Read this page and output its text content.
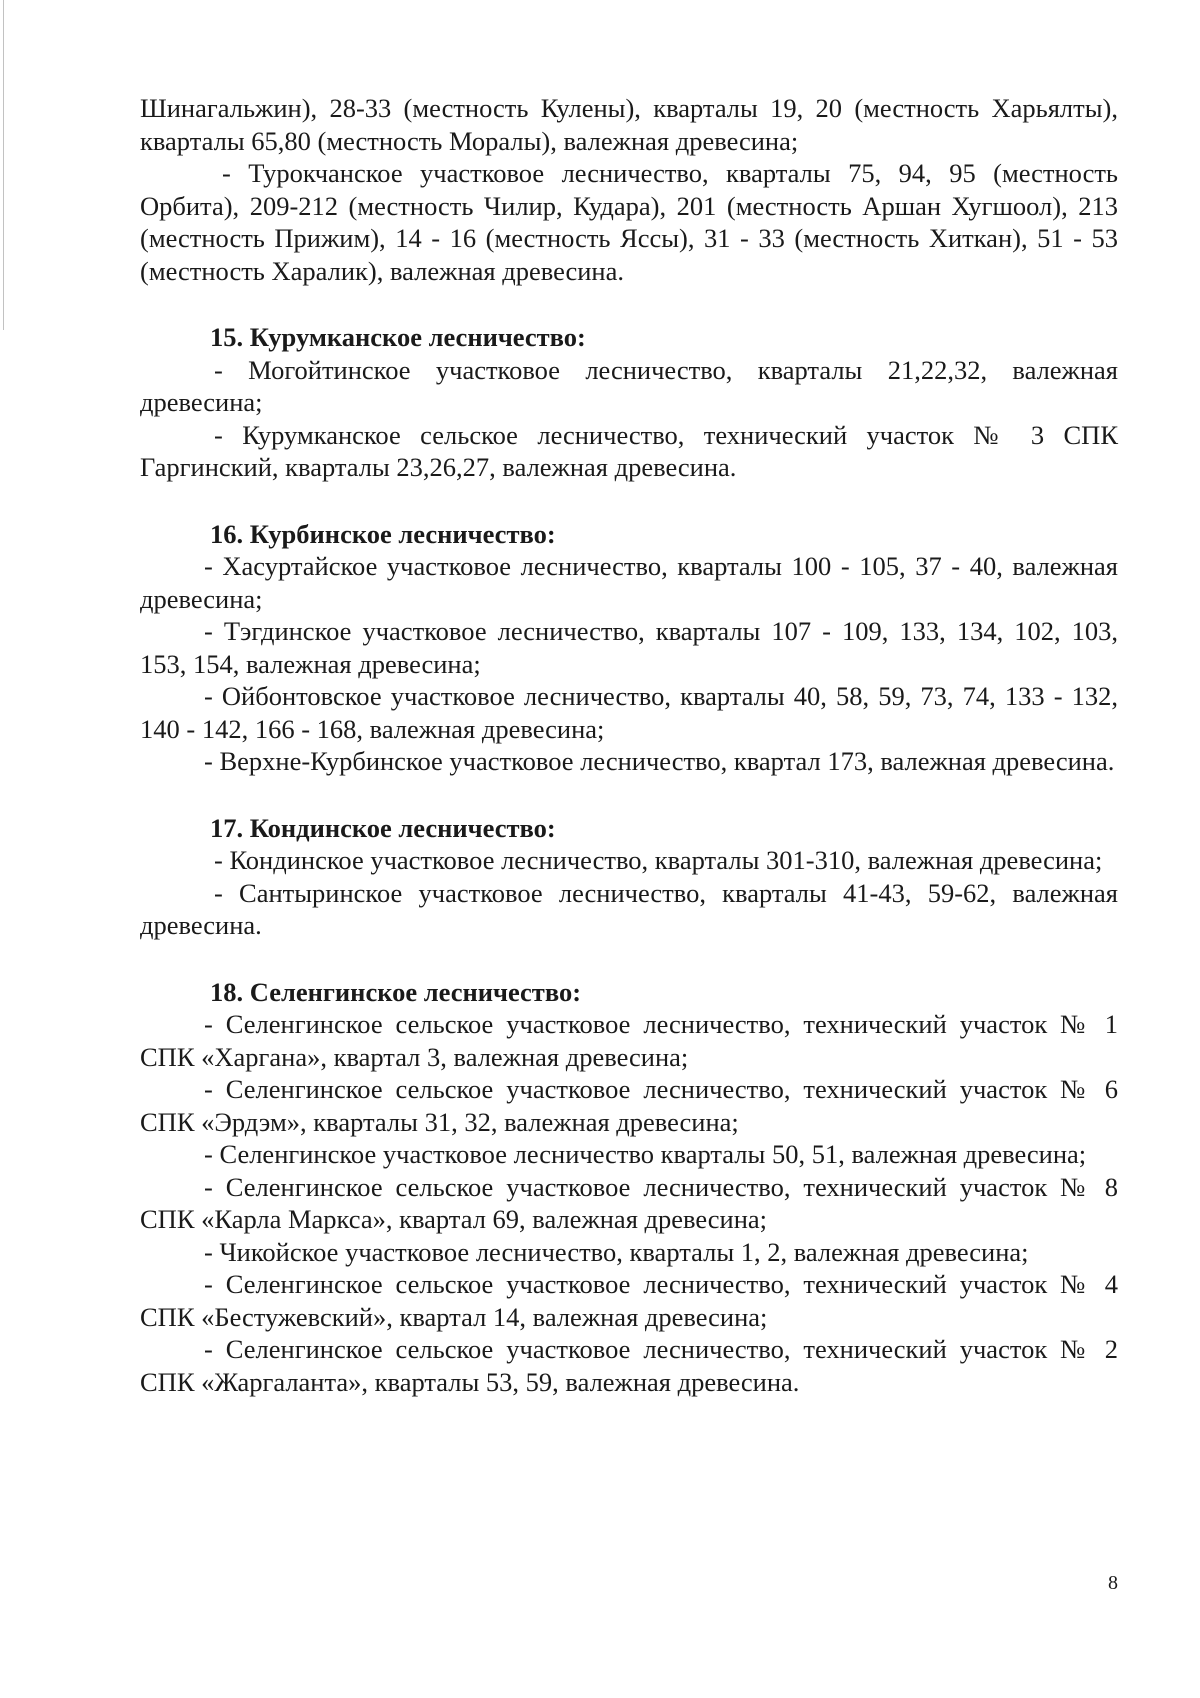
Шинагальжин), 28-33 (местность Кулены), кварталы 19, 20 (местность Харьялты), кварталы 65,80 (местность Моралы), валежная древесина;

- Турокчанское участковое лесничество, кварталы 75, 94, 95 (местность Орбита), 209-212 (местность Чилир, Кудара), 201 (местность Аршан Хугшоол), 213 (местность Прижим), 14 - 16 (местность Яссы), 31 - 33 (местность Хиткан), 51 - 53 (местность Харалик), валежная древесина.

15. Курумканское лесничество:

- Могойтинское участковое лесничество, кварталы 21,22,32, валежная древесина;

- Курумканское сельское лесничество, технический участок № 3 СПК Гаргинский, кварталы 23,26,27, валежная древесина.

16. Курбинское лесничество:

- Хасуртайское участковое лесничество, кварталы 100 - 105, 37 - 40, валежная древесина;

- Тэгдинское участковое лесничество, кварталы 107 - 109, 133, 134, 102, 103, 153, 154, валежная древесина;

- Ойбонтовское участковое лесничество, кварталы 40, 58, 59, 73, 74, 133 - 132, 140 - 142, 166 - 168, валежная древесина;

- Верхне-Курбинское участковое лесничество, квартал 173, валежная древесина.

17. Кондинское лесничество:

- Кондинское участковое лесничество, кварталы 301-310, валежная древесина;

- Сантыринское участковое лесничество, кварталы 41-43, 59-62, валежная древесина.

18. Селенгинское лесничество:

- Селенгинское сельское участковое лесничество, технический участок № 1 СПК «Харгана», квартал 3, валежная древесина;

- Селенгинское сельское участковое лесничество, технический участок № 6 СПК «Эрдэм», кварталы 31, 32, валежная древесина;

- Селенгинское участковое лесничество кварталы 50, 51, валежная древесина;

- Селенгинское сельское участковое лесничество, технический участок № 8 СПК «Карла Маркса», квартал 69, валежная древесина;

- Чикойское участковое лесничество, кварталы 1, 2, валежная древесина;

- Селенгинское сельское участковое лесничество, технический участок № 4 СПК «Бестужевский», квартал 14, валежная древесина;

- Селенгинское сельское участковое лесничество, технический участок № 2 СПК «Жаргаланта», кварталы 53, 59, валежная древесина.

8
